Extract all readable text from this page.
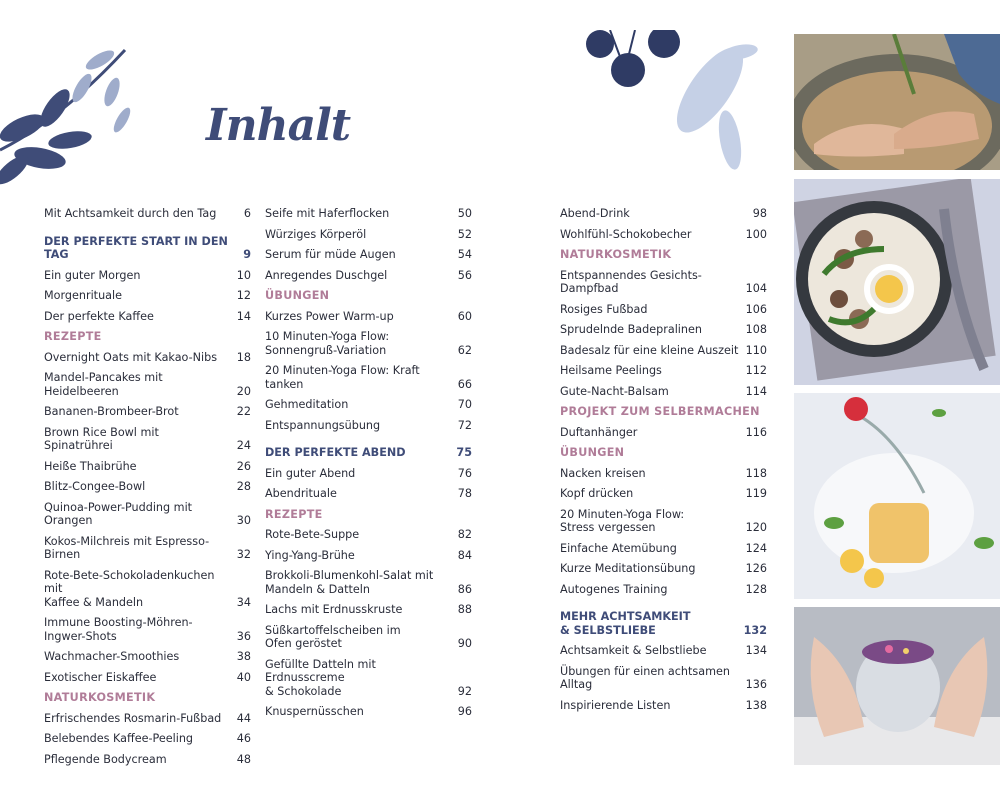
Inhalt
Mit Achtsamkeit durch den Tag	6
DER PERFEKTE START IN DEN TAG	9
Ein guter Morgen	10
Morgenrituale	12
Der perfekte Kaffee	14
REZEPTE
Overnight Oats mit Kakao-Nibs	18
Mandel-Pancakes mit Heidelbeeren	20
Bananen-Brombeer-Brot	22
Brown Rice Bowl mit Spinatrührei	24
Heiße Thaibrühe	26
Blitz-Congee-Bowl	28
Quinoa-Power-Pudding mit Orangen	30
Kokos-Milchreis mit Espresso-Birnen	32
Rote-Bete-Schokoladenkuchen mit
Kaffee & Mandeln	34
Immune Boosting-Möhren-
Ingwer-Shots	36
Wachmacher-Smoothies	38
Exotischer Eiskaffee	40
NATURKOSMETIK
Erfrischendes Rosmarin-Fußbad	44
Belebendes Kaffee-Peeling	46
Pflegende Bodycream	48
Seife mit Haferflocken	50
Würziges Körperöl	52
Serum für müde Augen	54
Anregendes Duschgel	56
ÜBUNGEN
Kurzes Power Warm-up	60
10 Minuten-Yoga Flow:
Sonnengruß-Variation	62
20 Minuten-Yoga Flow: Kraft tanken	66
Gehmeditation	70
Entspannungsübung	72
DER PERFEKTE ABEND	75
Ein guter Abend	76
Abendrituale	78
REZEPTE
Rote-Bete-Suppe	82
Ying-Yang-Brühe	84
Brokkoli-Blumenkohl-Salat mit
Mandeln & Datteln	86
Lachs mit Erdnusskruste	88
Süßkartoffelscheiben im
Ofen geröstet	90
Gefüllte Datteln mit Erdnusscreme
& Schokolade	92
Knuspernüsschen	96
Abend-Drink	98
Wohlfühl-Schokobecher	100
NATURKOSMETIK
Entspannendes Gesichts-Dampfbad	104
Rosiges Fußbad	106
Sprudelnde Badepralinen	108
Badesalz für eine kleine Auszeit 110
Heilsame Peelings	112
Gute-Nacht-Balsam	114
PROJEKT ZUM SELBERMACHEN
Duftanhänger	116
ÜBUNGEN
Nacken kreisen	118
Kopf drücken	119
20 Minuten-Yoga Flow:
Stress vergessen	120
Einfache Atemübung	124
Kurze Meditationsübung	126
Autogenes Training	128
MEHR ACHTSAMKEIT
& SELBSTLIEBE	132
Achtsamkeit & Selbstliebe	134
Übungen für einen achtsamen
Alltag	136
Inspirierende Listen	138
